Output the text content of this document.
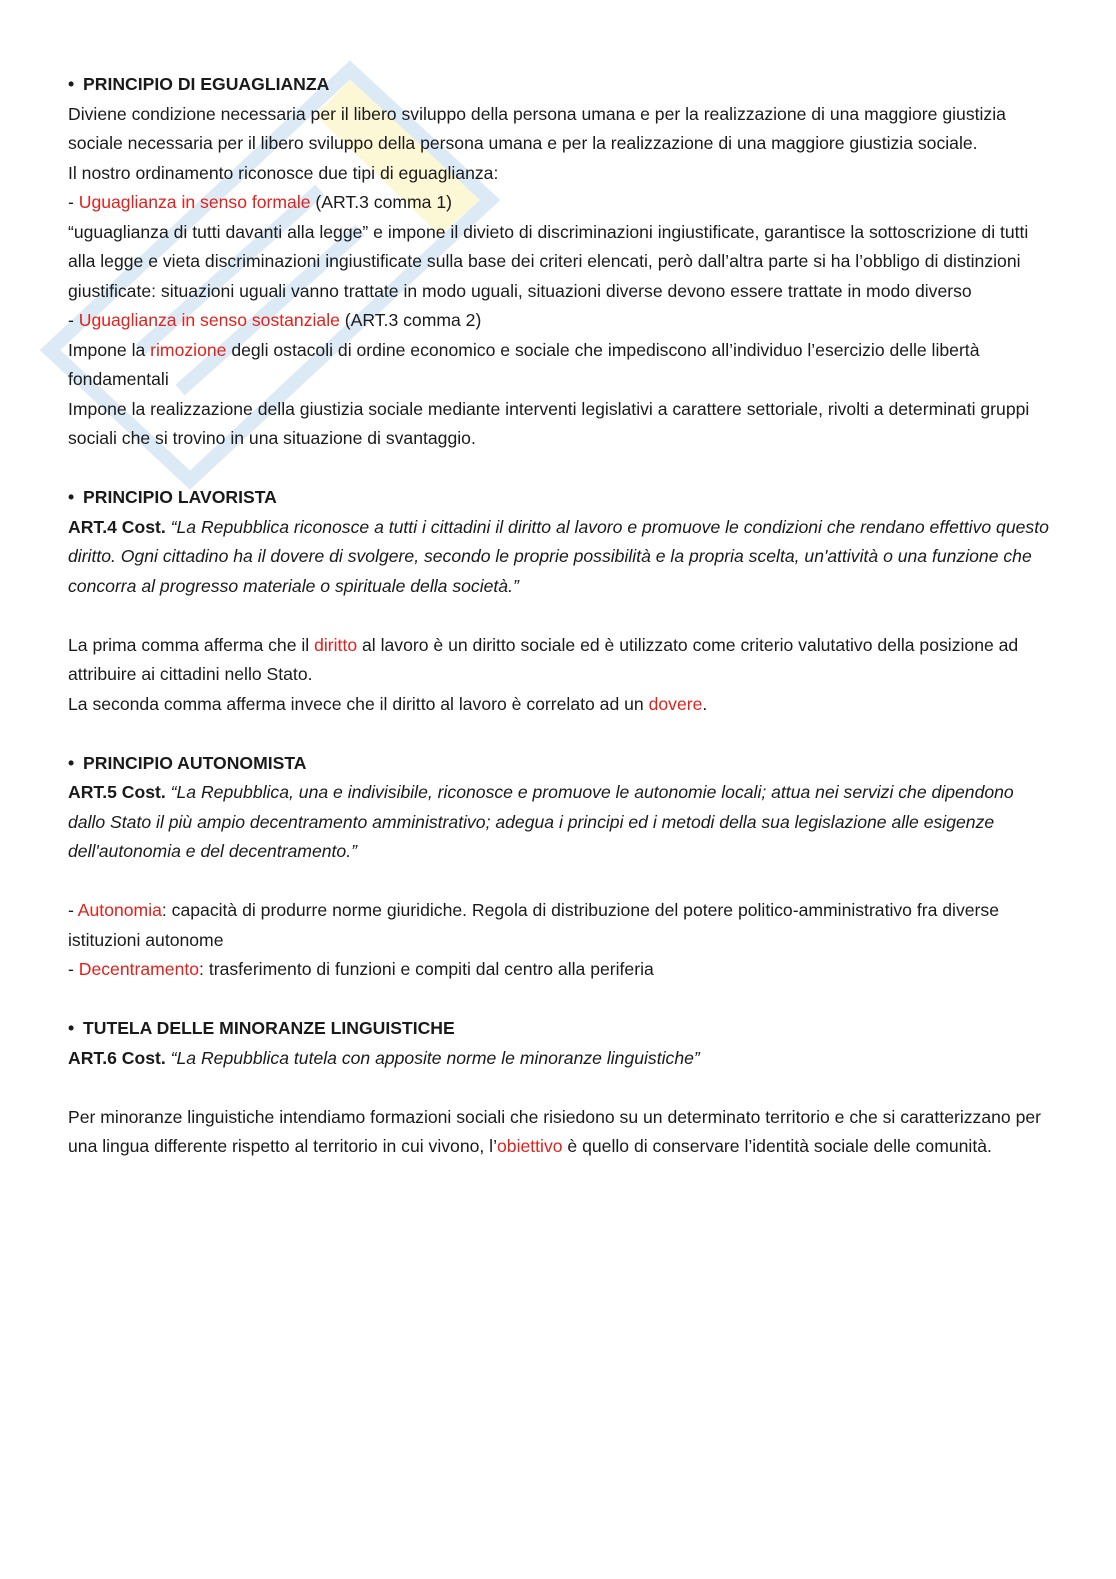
• PRINCIPIO DI EGUAGLIANZA

Diviene condizione necessaria per il libero sviluppo della persona umana e per la realizzazione di una maggiore giustizia sociale necessaria per il libero sviluppo della persona umana e per la realizzazione di una maggiore giustizia sociale.

Il nostro ordinamento riconosce due tipi di eguaglianza:

- Uguaglianza in senso formale (ART.3 comma 1)

“uguaglianza di tutti davanti alla legge” e impone il divieto di discriminazioni ingiustificate, garantisce la sottoscrizione di tutti alla legge e vieta discriminazioni ingiustificate sulla base dei criteri elencati, però dall’altra parte si ha l’obbligo di distinzioni giustificate: situazioni uguali vanno trattate in modo uguali, situazioni diverse devono essere trattate in modo diverso

- Uguaglianza in senso sostanziale (ART.3 comma 2)

Impone la rimozione degli ostacoli di ordine economico e sociale che impediscono all’individuo l’esercizio delle libertà fondamentali

Impone la realizzazione della giustizia sociale mediante interventi legislativi a carattere settoriale, rivolti a determinati gruppi sociali che si trovino in una situazione di svantaggio.

• PRINCIPIO LAVORISTA

ART.4 Cost. “La Repubblica riconosce a tutti i cittadini il diritto al lavoro e promuove le condizioni che rendano effettivo questo diritto. Ogni cittadino ha il dovere di svolgere, secondo le proprie possibilità e la propria scelta, un'attività o una funzione che concorra al progresso materiale o spirituale della società.”

La prima comma afferma che il diritto al lavoro è un diritto sociale ed è utilizzato come criterio valutativo della posizione ad attribuire ai cittadini nello Stato.

La seconda comma afferma invece che il diritto al lavoro è correlato ad un dovere.

• PRINCIPIO AUTONOMISTA

ART.5 Cost. “La Repubblica, una e indivisibile, riconosce e promuove le autonomie locali; attua nei servizi che dipendono dallo Stato il più ampio decentramento amministrativo; adegua i principi ed i metodi della sua legislazione alle esigenze dell'autonomia e del decentramento.”

- Autonomia: capacità di produrre norme giuridiche. Regola di distribuzione del potere politico-amministrativo fra diverse istituzioni autonome

- Decentramento: trasferimento di funzioni e compiti dal centro alla periferia

• TUTELA DELLE MINORANZE LINGUISTICHE

ART.6 Cost. “La Repubblica tutela con apposite norme le minoranze linguistiche”

Per minoranze linguistiche intendiamo formazioni sociali che risiedono su un determinato territorio e che si caratterizzano per una lingua differente rispetto al territorio in cui vivono, l’obiettivo è quello di conservare l’identità sociale delle comunità.
